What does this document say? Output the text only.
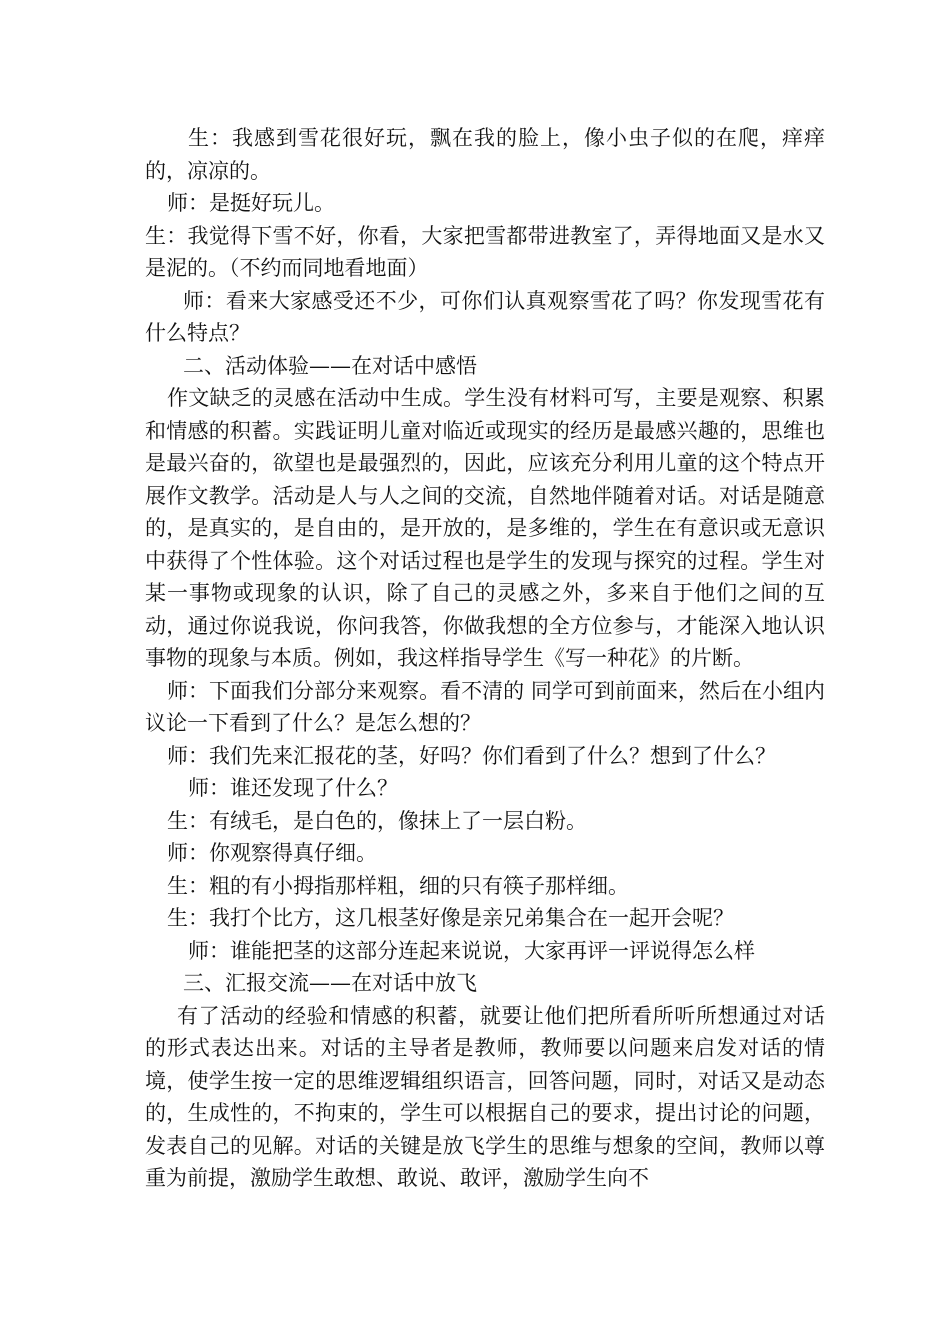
生：我感到雪花很好玩，飘在我的脸上，像小虫子似的在爬，痒痒的，凉凉的。

师：是挺好玩儿。

生：我觉得下雪不好，你看，大家把雪都带进教室了，弄得地面又是水又是泥的。（不约而同地看地面）

师：看来大家感受还不少，可你们认真观察雪花了吗？你发现雪花有什么特点？

二、活动体验——在对话中感悟

作文缺乏的灵感在活动中生成。学生没有材料可写，主要是观察、积累和情感的积蓄。实践证明儿童对临近或现实的经历是最感兴趣的，思维也是最兴奋的，欲望也是最强烈的，因此，应该充分利用儿童的这个特点开展作文教学。活动是人与人之间的交流，自然地伴随着对话。对话是随意的，是真实的，是自由的，是开放的，是多维的，学生在有意识或无意识中获得了个性体验。这个对话过程也是学生的发现与探究的过程。学生对某一事物或现象的认识，除了自己的灵感之外，多来自于他们之间的互动，通过你说我说，你问我答，你做我想的全方位参与，才能深入地认识事物的现象与本质。例如，我这样指导学生《写一种花》的片断。

师：下面我们分部分来观察。看不清的 同学可到前面来，然后在小组内议论一下看到了什么？是怎么想的？

师：我们先来汇报花的茎，好吗？你们看到了什么？想到了什么？

师：谁还发现了什么？

生：有绒毛，是白色的，像抹上了一层白粉。

师：你观察得真仔细。

生：粗的有小拇指那样粗，细的只有筷子那样细。

生：我打个比方，这几根茎好像是亲兄弟集合在一起开会呢？

师：谁能把茎的这部分连起来说说，大家再评一评说得怎么样

三、汇报交流——在对话中放飞

有了活动的经验和情感的积蓄，就要让他们把所看所听所想通过对话的形式表达出来。对话的主导者是教师，教师要以问题来启发对话的情境，使学生按一定的思维逻辑组织语言，回答问题，同时，对话又是动态的，生成性的，不拘束的，学生可以根据自己的要求，提出讨论的问题，发表自己的见解。对话的关键是放飞学生的思维与想象的空间，教师以尊重为前提，激励学生敢想、敢说、敢评，激励学生向不
